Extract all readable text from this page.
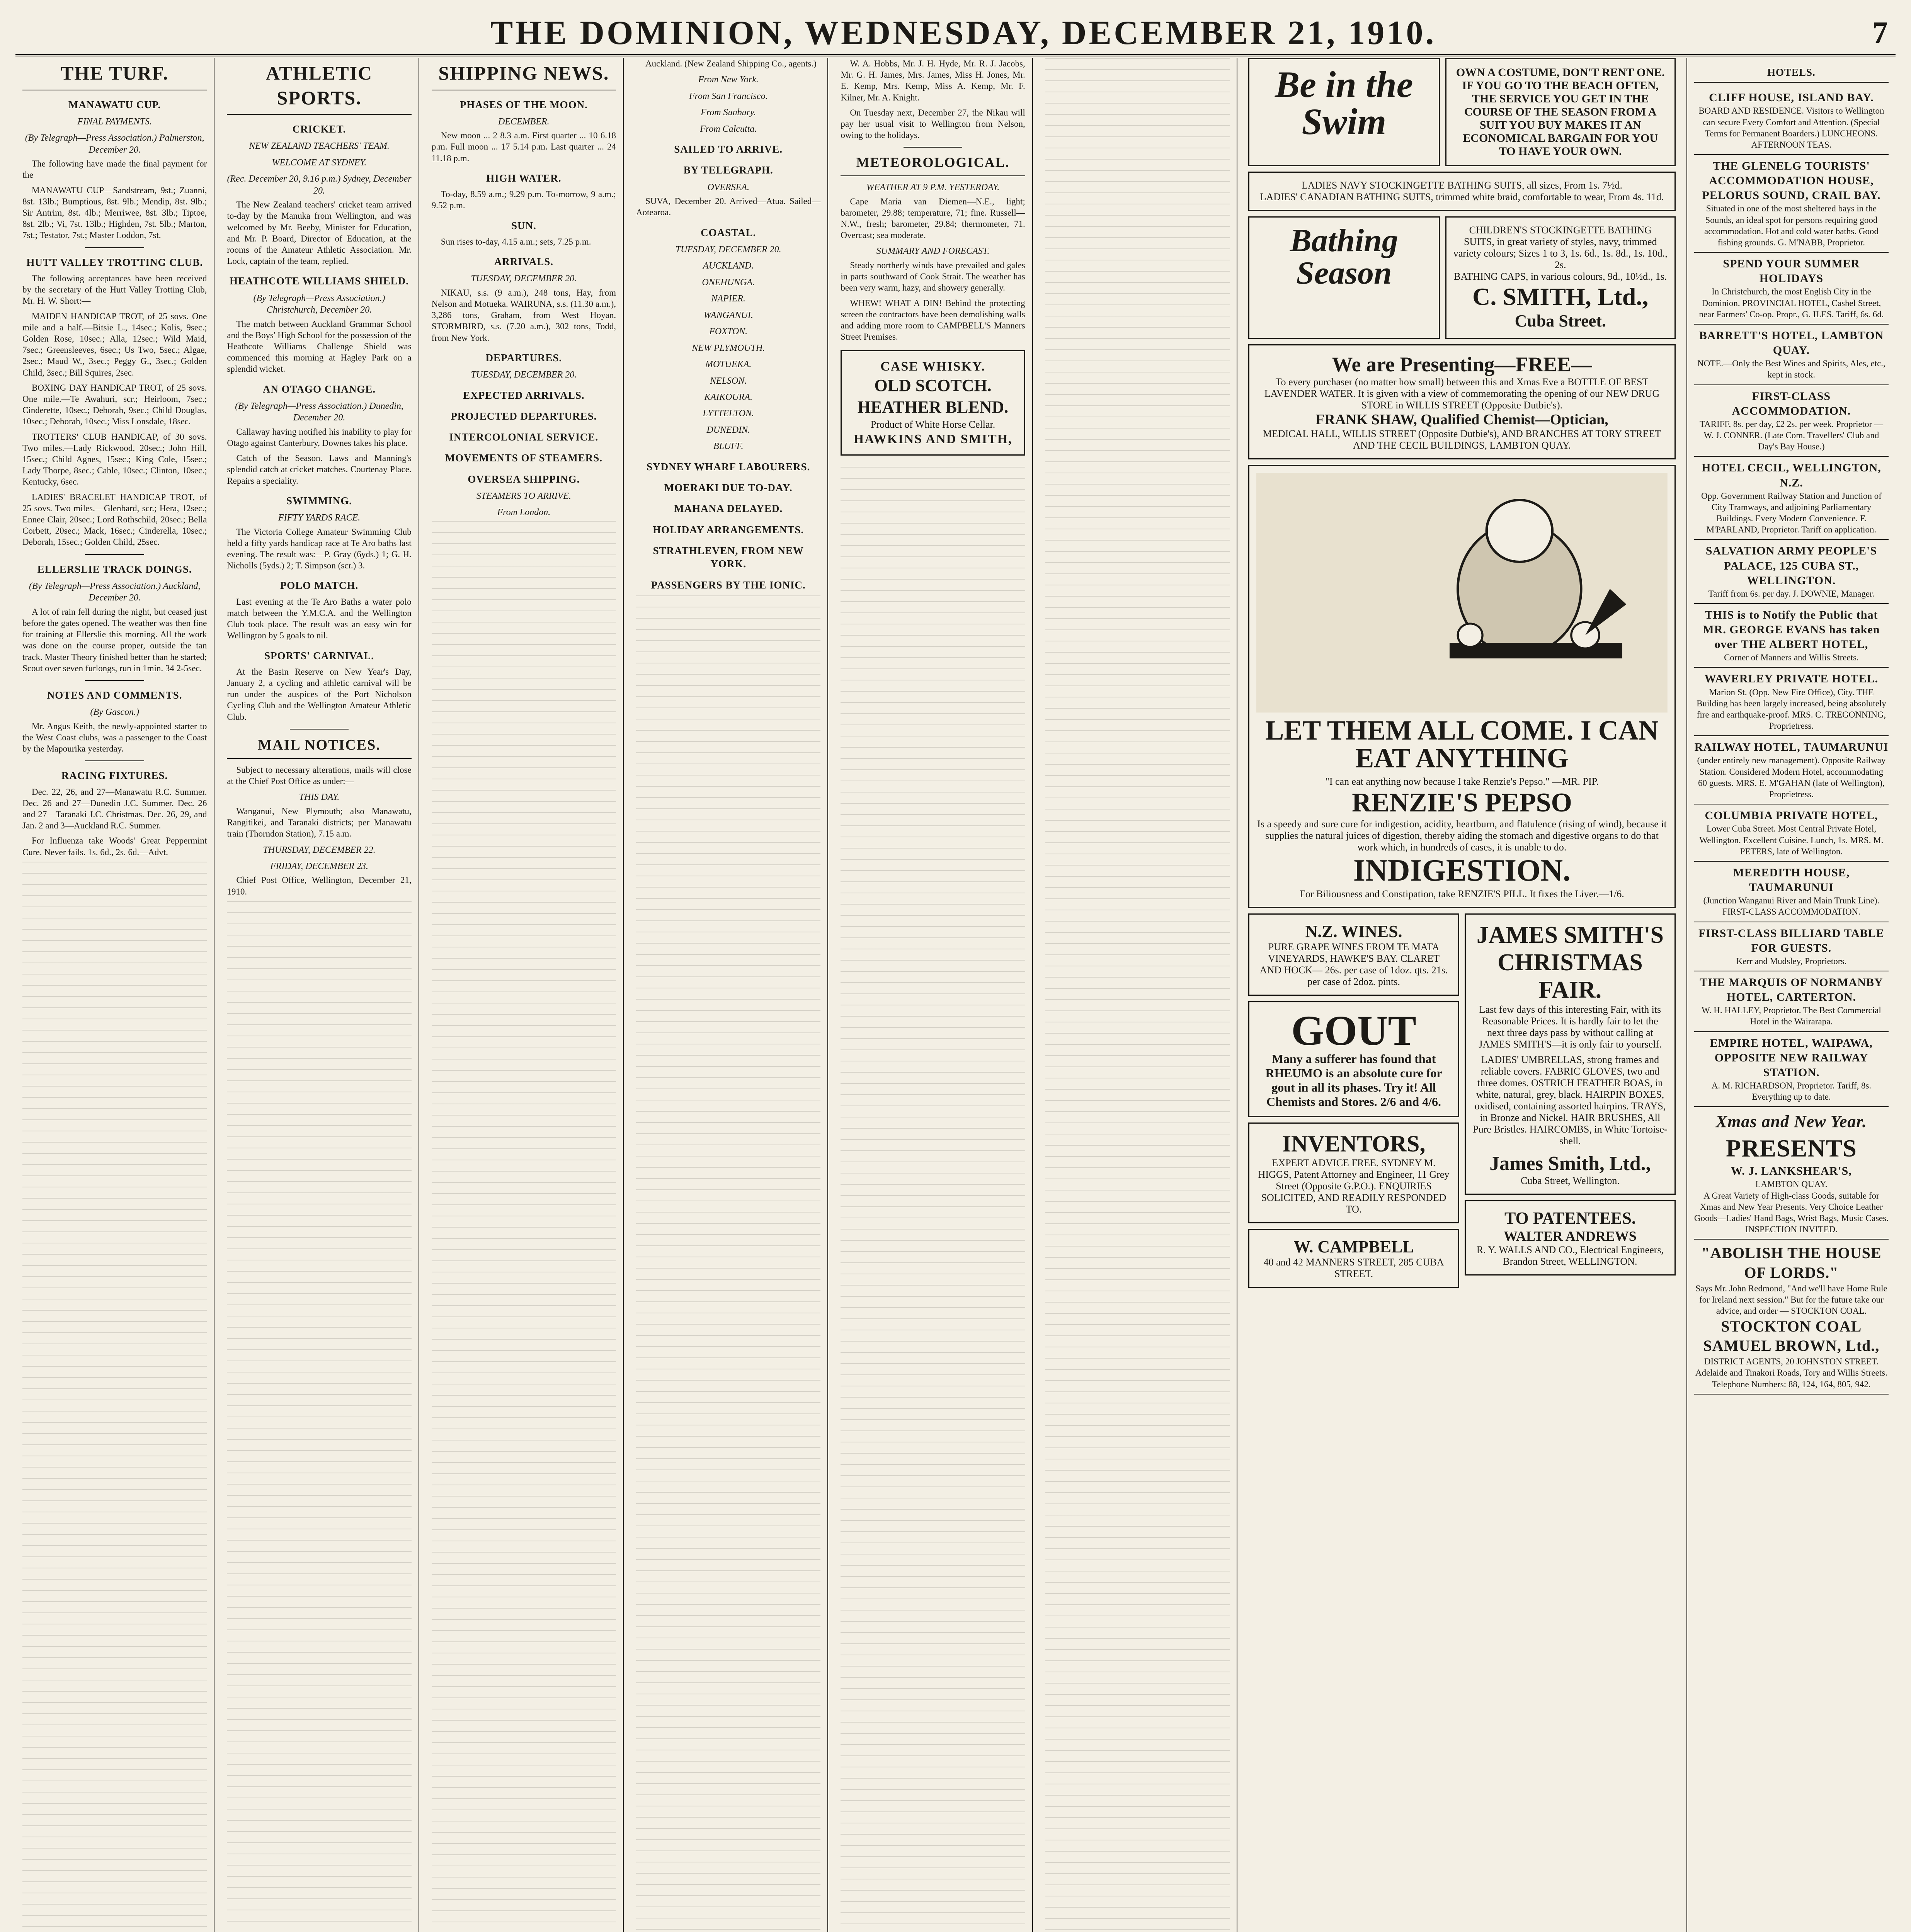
THE DOMINION, WEDNESDAY, DECEMBER 21, 1910.	7
THE TURF.
MANAWATU CUP.
FINAL PAYMENTS.
(By Telegraph—Press Association.) Palmerston, December 20.

The following have made the final payment for the

MANAWATU CUP—Sandstream, 9st.; Zuanni, 8st. 13lb.; Bumptious, 8st. 9lb.; Mendip, 8st. 9lb.; Sir Antrim, 8st. 4lb.; Merriwee, 8st. 3lb.; Tiptoe, 8st. 2lb.; Vi, 7st. 13lb.; Highden, 7st. 5lb.; Marton, 7st.; Testator, 7st.; Master Loddon, 7st.

HUTT VALLEY TROTTING CLUB.

The following acceptances have been received by the secretary of the Hutt Valley Trotting Club, Mr. H. W. Short:—

MAIDEN HANDICAP TROT, of 25 sovs. One mile and a half.—Bitsie L., 14sec.; Kolis, 9sec.; Golden Rose, 10sec.; Alla, 12sec.; Wild Maid, 7sec.; Greensleeves, 6sec.; Us Two, 5sec.; Algae, 2sec.; Maud W., 3sec.; Peggy G., 3sec.; Golden Child, 3sec.; Bill Squires, 2sec.

BOXING DAY HANDICAP TROT, of 25 sovs. One mile.—Te Awahuri, scr.; Heirloom, 7sec.; Cinderette, 10sec.; Deborah, 9sec.; Child Douglas, 10sec.; Deborah, 10sec.; Miss Lonsdale, 18sec.

TROTTERS' CLUB HANDICAP, of 30 sovs. Two miles.—Lady Rickwood, 20sec.; John Hill, 15sec.; Child Agnes, 15sec.; King Cole, 15sec.; Lady Thorpe, 8sec.; Cable, 10sec.; Clinton, 10sec.; Kentucky, 6sec.

LADIES' BRACELET HANDICAP TROT, of 25 sovs. Two miles.—Glenbard, scr.; Hera, 12sec.; Ennee Clair, 20sec.; Lord Rothschild, 20sec.; Bella Corbett, 20sec.; Mack, 16sec.; Cinderella, 10sec.; Deborah, 15sec.; Golden Child, 25sec.

ELLERSLIE TRACK DOINGS.
(By Telegraph—Press Association.) Auckland, December 20.

A lot of rain fell during the night, but ceased just before the gates opened. The weather was then fine for training at Ellerslie this morning. All the work was done on the course proper, outside the tan track. Master Theory finished better than he started; Scout over seven furlongs, run in 1min. 34 2-5sec.

NOTES AND COMMENTS.
(By Gascon.)

Mr. Angus Keith, the newly-appointed starter to the West Coast clubs, was a passenger to the Coast by the Mapourika yesterday.

RACING FIXTURES.

Dec. 22, 26, and 27—Manawatu R.C. Summer. Dec. 26 and 27—Dunedin J.C. Summer. Dec. 26 and 27—Taranaki J.C. Christmas. Dec. 26, 29, and Jan. 2 and 3—Auckland R.C. Summer.

For Influenza take Woods' Great Peppermint Cure. Never fails. 1s. 6d., 2s. 6d.—Advt.

ATHLETIC SPORTS.
CRICKET.
NEW ZEALAND TEACHERS' TEAM.
WELCOME AT SYDNEY.
(Rec. December 20, 9.16 p.m.) Sydney, December 20.

The New Zealand teachers' cricket team arrived to-day by the Manuka from Wellington, and was welcomed by Mr. Beeby, Minister for Education, and Mr. P. Board, Director of Education, at the rooms of the Amateur Athletic Association. Mr. Lock, captain of the team, replied.

HEATHCOTE WILLIAMS SHIELD.
(By Telegraph—Press Association.) Christchurch, December 20.

The match between Auckland Grammar School and the Boys' High School for the possession of the Heathcote Williams Challenge Shield was commenced this morning at Hagley Park on a splendid wicket.

AN OTAGO CHANGE.
(By Telegraph—Press Association.) Dunedin, December 20.

Callaway having notified his inability to play for Otago against Canterbury, Downes takes his place.

Catch of the Season. Laws and Manning's splendid catch at cricket matches. Courtenay Place. Repairs a speciality.

SWIMMING.
FIFTY YARDS RACE.

The Victoria College Amateur Swimming Club held a fifty yards handicap race at Te Aro baths last evening. The result was:—P. Gray (6yds.) 1; G. H. Nicholls (5yds.) 2; T. Simpson (scr.) 3.

POLO MATCH.

Last evening at the Te Aro Baths a water polo match between the Y.M.C.A. and the Wellington Club took place. The result was an easy win for Wellington by 5 goals to nil.

SPORTS' CARNIVAL.

At the Basin Reserve on New Year's Day, January 2, a cycling and athletic carnival will be run under the auspices of the Port Nicholson Cycling Club and the Wellington Amateur Athletic Club.

MAIL NOTICES.

Subject to necessary alterations, mails will close at the Chief Post Office as under:—

THIS DAY.

Wanganui, New Plymouth; also Manawatu, Rangitikei, and Taranaki districts; per Manawatu train (Thorndon Station), 7.15 a.m.

THURSDAY, DECEMBER 22.
FRIDAY, DECEMBER 23.

Chief Post Office, Wellington, December 21, 1910.

SHIPPING NEWS.
PHASES OF THE MOON.
DECEMBER.

New moon ... 2 8.3 a.m. First quarter ... 10 6.18 p.m. Full moon ... 17 5.14 p.m. Last quarter ... 24 11.18 p.m.

HIGH WATER.

To-day, 8.59 a.m.; 9.29 p.m. To-morrow, 9 a.m.; 9.52 p.m.

SUN.

Sun rises to-day, 4.15 a.m.; sets, 7.25 p.m.

ARRIVALS.
TUESDAY, DECEMBER 20.

NIKAU, s.s. (9 a.m.), 248 tons, Hay, from Nelson and Motueka. WAIRUNA, s.s. (11.30 a.m.), 3,286 tons, Graham, from West Hoyan. STORMBIRD, s.s. (7.20 a.m.), 302 tons, Todd, from New York.

DEPARTURES.
TUESDAY, DECEMBER 20.
EXPECTED ARRIVALS.
PROJECTED DEPARTURES.
INTERCOLONIAL SERVICE.
MOVEMENTS OF STEAMERS.
OVERSEA SHIPPING.
STEAMERS TO ARRIVE.
From London.

Auckland. (New Zealand Shipping Co., agents.)

From New York.
From San Francisco.
From Sunbury.
From Calcutta.
SAILED TO ARRIVE.
BY TELEGRAPH.
OVERSEA.

SUVA, December 20. Arrived—Atua. Sailed—Aotearoa.

COASTAL.
TUESDAY, DECEMBER 20.
AUCKLAND.
ONEHUNGA.
NAPIER.
WANGANUI.
FOXTON.
NEW PLYMOUTH.
MOTUEKA.
NELSON.
KAIKOURA.
LYTTELTON.
DUNEDIN.
BLUFF.
SYDNEY WHARF LABOURERS.
MOERAKI DUE TO-DAY.
MAHANA DELAYED.
HOLIDAY ARRANGEMENTS.
STRATHLEVEN, FROM NEW YORK.
PASSENGERS BY THE IONIC.

W. A. Hobbs, Mr. J. H. Hyde, Mr. R. J. Jacobs, Mr. G. H. James, Mrs. James, Miss H. Jones, Mr. E. Kemp, Mrs. Kemp, Miss A. Kemp, Mr. F. Kilner, Mr. A. Knight.

On Tuesday next, December 27, the Nikau will pay her usual visit to Wellington from Nelson, owing to the holidays.

METEOROLOGICAL.
WEATHER AT 9 P.M. YESTERDAY.

Cape Maria van Diemen—N.E., light; barometer, 29.88; temperature, 71; fine. Russell—N.W., fresh; barometer, 29.84; thermometer, 71. Overcast; sea moderate.

SUMMARY AND FORECAST.

Steady northerly winds have prevailed and gales in parts southward of Cook Strait. The weather has been very warm, hazy, and showery generally.

WHEW! WHAT A DIN! Behind the protecting screen the contractors have been demolishing walls and adding more room to CAMPBELL'S Manners Street Premises.

CASE WHISKY.
OLD SCOTCH.
HEATHER BLEND.
Product of White Horse Cellar.
HAWKINS AND SMITH,
Be in the Swim
OWN A COSTUME, DON'T RENT ONE. IF YOU GO TO THE BEACH OFTEN, THE SERVICE YOU GET IN THE COURSE OF THE SEASON FROM A SUIT YOU BUY MAKES IT AN ECONOMICAL BARGAIN FOR YOU TO HAVE YOUR OWN.
LADIES NAVY STOCKINGETTE BATHING SUITS, all sizes, From 1s. 7½d.
LADIES' CANADIAN BATHING SUITS, trimmed white braid, comfortable to wear, From 4s. 11d.
Bathing Season
CHILDREN'S STOCKINGETTE BATHING SUITS, in great variety of styles, navy, trimmed variety colours; Sizes 1 to 3, 1s. 6d., 1s. 8d., 1s. 10d., 2s.
BATHING CAPS, in various colours, 9d., 10½d., 1s.
C. SMITH, Ltd.,
Cuba Street.
We are Presenting—FREE—
To every purchaser (no matter how small) between this and Xmas Eve a BOTTLE OF BEST LAVENDER WATER. It is given with a view of commemorating the opening of our NEW DRUG STORE in WILLIS STREET (Opposite Dutbie's).
FRANK SHAW, Qualified Chemist—Optician,
MEDICAL HALL, WILLIS STREET (Opposite Dutbie's), AND BRANCHES AT TORY STREET AND THE CECIL BUILDINGS, LAMBTON QUAY.
LET THEM ALL COME. I CAN EAT ANYTHING
"I can eat anything now because I take Renzie's Pepso." —MR. PIP.
RENZIE'S PEPSO
Is a speedy and sure cure for indigestion, acidity, heartburn, and flatulence (rising of wind), because it supplies the natural juices of digestion, thereby aiding the stomach and digestive organs to do that work which, in hundreds of cases, it is unable to do.
INDIGESTION.
For Biliousness and Constipation, take RENZIE'S PILL. It fixes the Liver.—1/6.
N.Z. WINES.
PURE GRAPE WINES FROM TE MATA VINEYARDS, HAWKE'S BAY. CLARET AND HOCK— 26s. per case of 1doz. qts. 21s. per case of 2doz. pints.
GOUT
Many a sufferer has found that RHEUMO is an absolute cure for gout in all its phases. Try it! All Chemists and Stores. 2/6 and 4/6.
INVENTORS,
EXPERT ADVICE FREE. SYDNEY M. HIGGS, Patent Attorney and Engineer, 11 Grey Street (Opposite G.P.O.). ENQUIRIES SOLICITED, AND READILY RESPONDED TO.
W. CAMPBELL
40 and 42 MANNERS STREET, 285 CUBA STREET.
JAMES SMITH'S CHRISTMAS FAIR.
Last few days of this interesting Fair, with its Reasonable Prices. It is hardly fair to let the next three days pass by without calling at JAMES SMITH'S—it is only fair to yourself.
LADIES' UMBRELLAS, strong frames and reliable covers. FABRIC GLOVES, two and three domes. OSTRICH FEATHER BOAS, in white, natural, grey, black. HAIRPIN BOXES, oxidised, containing assorted hairpins. TRAYS, in Bronze and Nickel. HAIR BRUSHES, All Pure Bristles. HAIRCOMBS, in White Tortoise-shell.
James Smith, Ltd.,
Cuba Street, Wellington.
TO PATENTEES.
WALTER ANDREWS
R. Y. WALLS AND CO., Electrical Engineers, Brandon Street, WELLINGTON.
HOTELS.
CLIFF HOUSE, ISLAND BAY.
BOARD AND RESIDENCE. Visitors to Wellington can secure Every Comfort and Attention. (Special Terms for Permanent Boarders.) LUNCHEONS. AFTERNOON TEAS.
THE GLENELG TOURISTS' ACCOMMODATION HOUSE, PELORUS SOUND, CRAIL BAY.
Situated in one of the most sheltered bays in the Sounds, an ideal spot for persons requiring good accommodation. Hot and cold water baths. Good fishing grounds. G. M'NABB, Proprietor.
SPEND YOUR SUMMER HOLIDAYS
In Christchurch, the most English City in the Dominion. PROVINCIAL HOTEL, Cashel Street, near Farmers' Co-op. Propr., G. ILES. Tariff, 6s. 6d.
BARRETT'S HOTEL, LAMBTON QUAY.
NOTE.—Only the Best Wines and Spirits, Ales, etc., kept in stock.
FIRST-CLASS ACCOMMODATION.
TARIFF, 8s. per day, £2 2s. per week. Proprietor — W. J. CONNER. (Late Com. Travellers' Club and Day's Bay House.)
HOTEL CECIL, WELLINGTON, N.Z.
Opp. Government Railway Station and Junction of City Tramways, and adjoining Parliamentary Buildings. Every Modern Convenience. F. M'PARLAND, Proprietor. Tariff on application.
SALVATION ARMY PEOPLE'S PALACE, 125 CUBA ST., WELLINGTON.
Tariff from 6s. per day. J. DOWNIE, Manager.
THIS is to Notify the Public that MR. GEORGE EVANS has taken over THE ALBERT HOTEL,
Corner of Manners and Willis Streets.
WAVERLEY PRIVATE HOTEL.
Marion St. (Opp. New Fire Office), City. THE Building has been largely increased, being absolutely fire and earthquake-proof. MRS. C. TREGONNING, Proprietress.
RAILWAY HOTEL, TAUMARUNUI
(under entirely new management). Opposite Railway Station. Considered Modern Hotel, accommodating 60 guests. MRS. E. M'GAHAN (late of Wellington), Proprietress.
COLUMBIA PRIVATE HOTEL,
Lower Cuba Street. Most Central Private Hotel, Wellington. Excellent Cuisine. Lunch, 1s. MRS. M. PETERS, late of Wellington.
MEREDITH HOUSE, TAUMARUNUI
(Junction Wanganui River and Main Trunk Line). FIRST-CLASS ACCOMMODATION.
FIRST-CLASS BILLIARD TABLE FOR GUESTS.
Kerr and Mudsley, Proprietors.
THE MARQUIS OF NORMANBY HOTEL, CARTERTON.
W. H. HALLEY, Proprietor. The Best Commercial Hotel in the Wairarapa.
EMPIRE HOTEL, WAIPAWA, OPPOSITE NEW RAILWAY STATION.
A. M. RICHARDSON, Proprietor. Tariff, 8s. Everything up to date.
Xmas and New Year.
PRESENTS
W. J. LANKSHEAR'S,
LAMBTON QUAY.
A Great Variety of High-class Goods, suitable for Xmas and New Year Presents. Very Choice Leather Goods—Ladies' Hand Bags, Wrist Bags, Music Cases. INSPECTION INVITED.
"ABOLISH THE HOUSE OF LORDS."
Says Mr. John Redmond, "And we'll have Home Rule for Ireland next session." But for the future take our advice, and order — STOCKTON COAL.
STOCKTON COAL
SAMUEL BROWN, Ltd.,
DISTRICT AGENTS, 20 JOHNSTON STREET.
Adelaide and Tinakori Roads, Tory and Willis Streets.
Telephone Numbers: 88, 124, 164, 805, 942.
